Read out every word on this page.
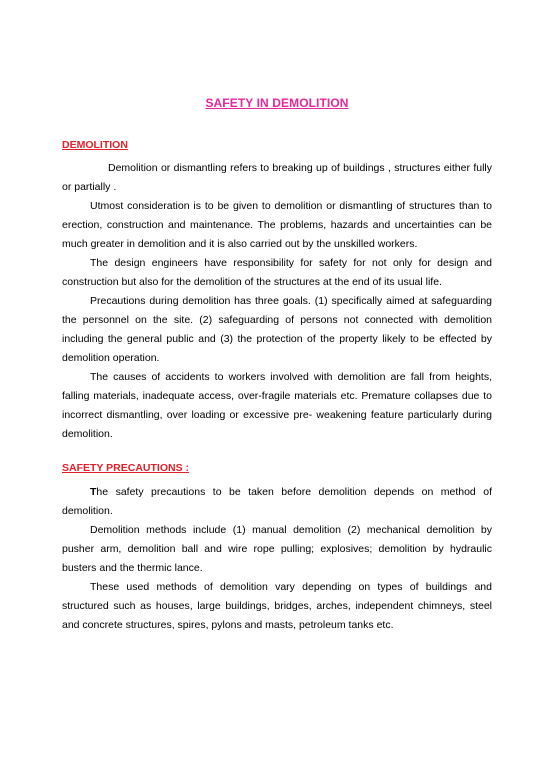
SAFETY IN DEMOLITION
DEMOLITION

Demolition or dismantling refers to breaking up of buildings , structures either fully or partially .

Utmost consideration is to be given to demolition or dismantling of structures than to erection, construction and maintenance. The problems, hazards and uncertainties can be much greater in demolition and it is also carried out by the unskilled workers.

The design engineers have responsibility for safety for not only for design and construction but also for the demolition of the structures at the end of its usual life.

Precautions during demolition has three goals. (1) specifically aimed at safeguarding the personnel on the site. (2) safeguarding of persons not connected with demolition including the general public and (3) the protection of the property likely to be effected by demolition operation.

The causes of accidents to workers involved with demolition are fall from heights, falling materials, inadequate access, over-fragile materials etc. Premature collapses due to incorrect dismantling, over loading or excessive pre- weakening feature particularly during demolition.

SAFETY PRECAUTIONS :

The safety precautions to be taken before demolition depends on method of demolition.

Demolition methods include (1) manual demolition (2) mechanical demolition by pusher arm, demolition ball and wire rope pulling; explosives; demolition by hydraulic busters and the thermic lance.

These used methods of demolition vary depending on types of buildings and structured such as houses, large buildings, bridges, arches, independent chimneys, steel and concrete structures, spires, pylons and masts, petroleum tanks etc.
